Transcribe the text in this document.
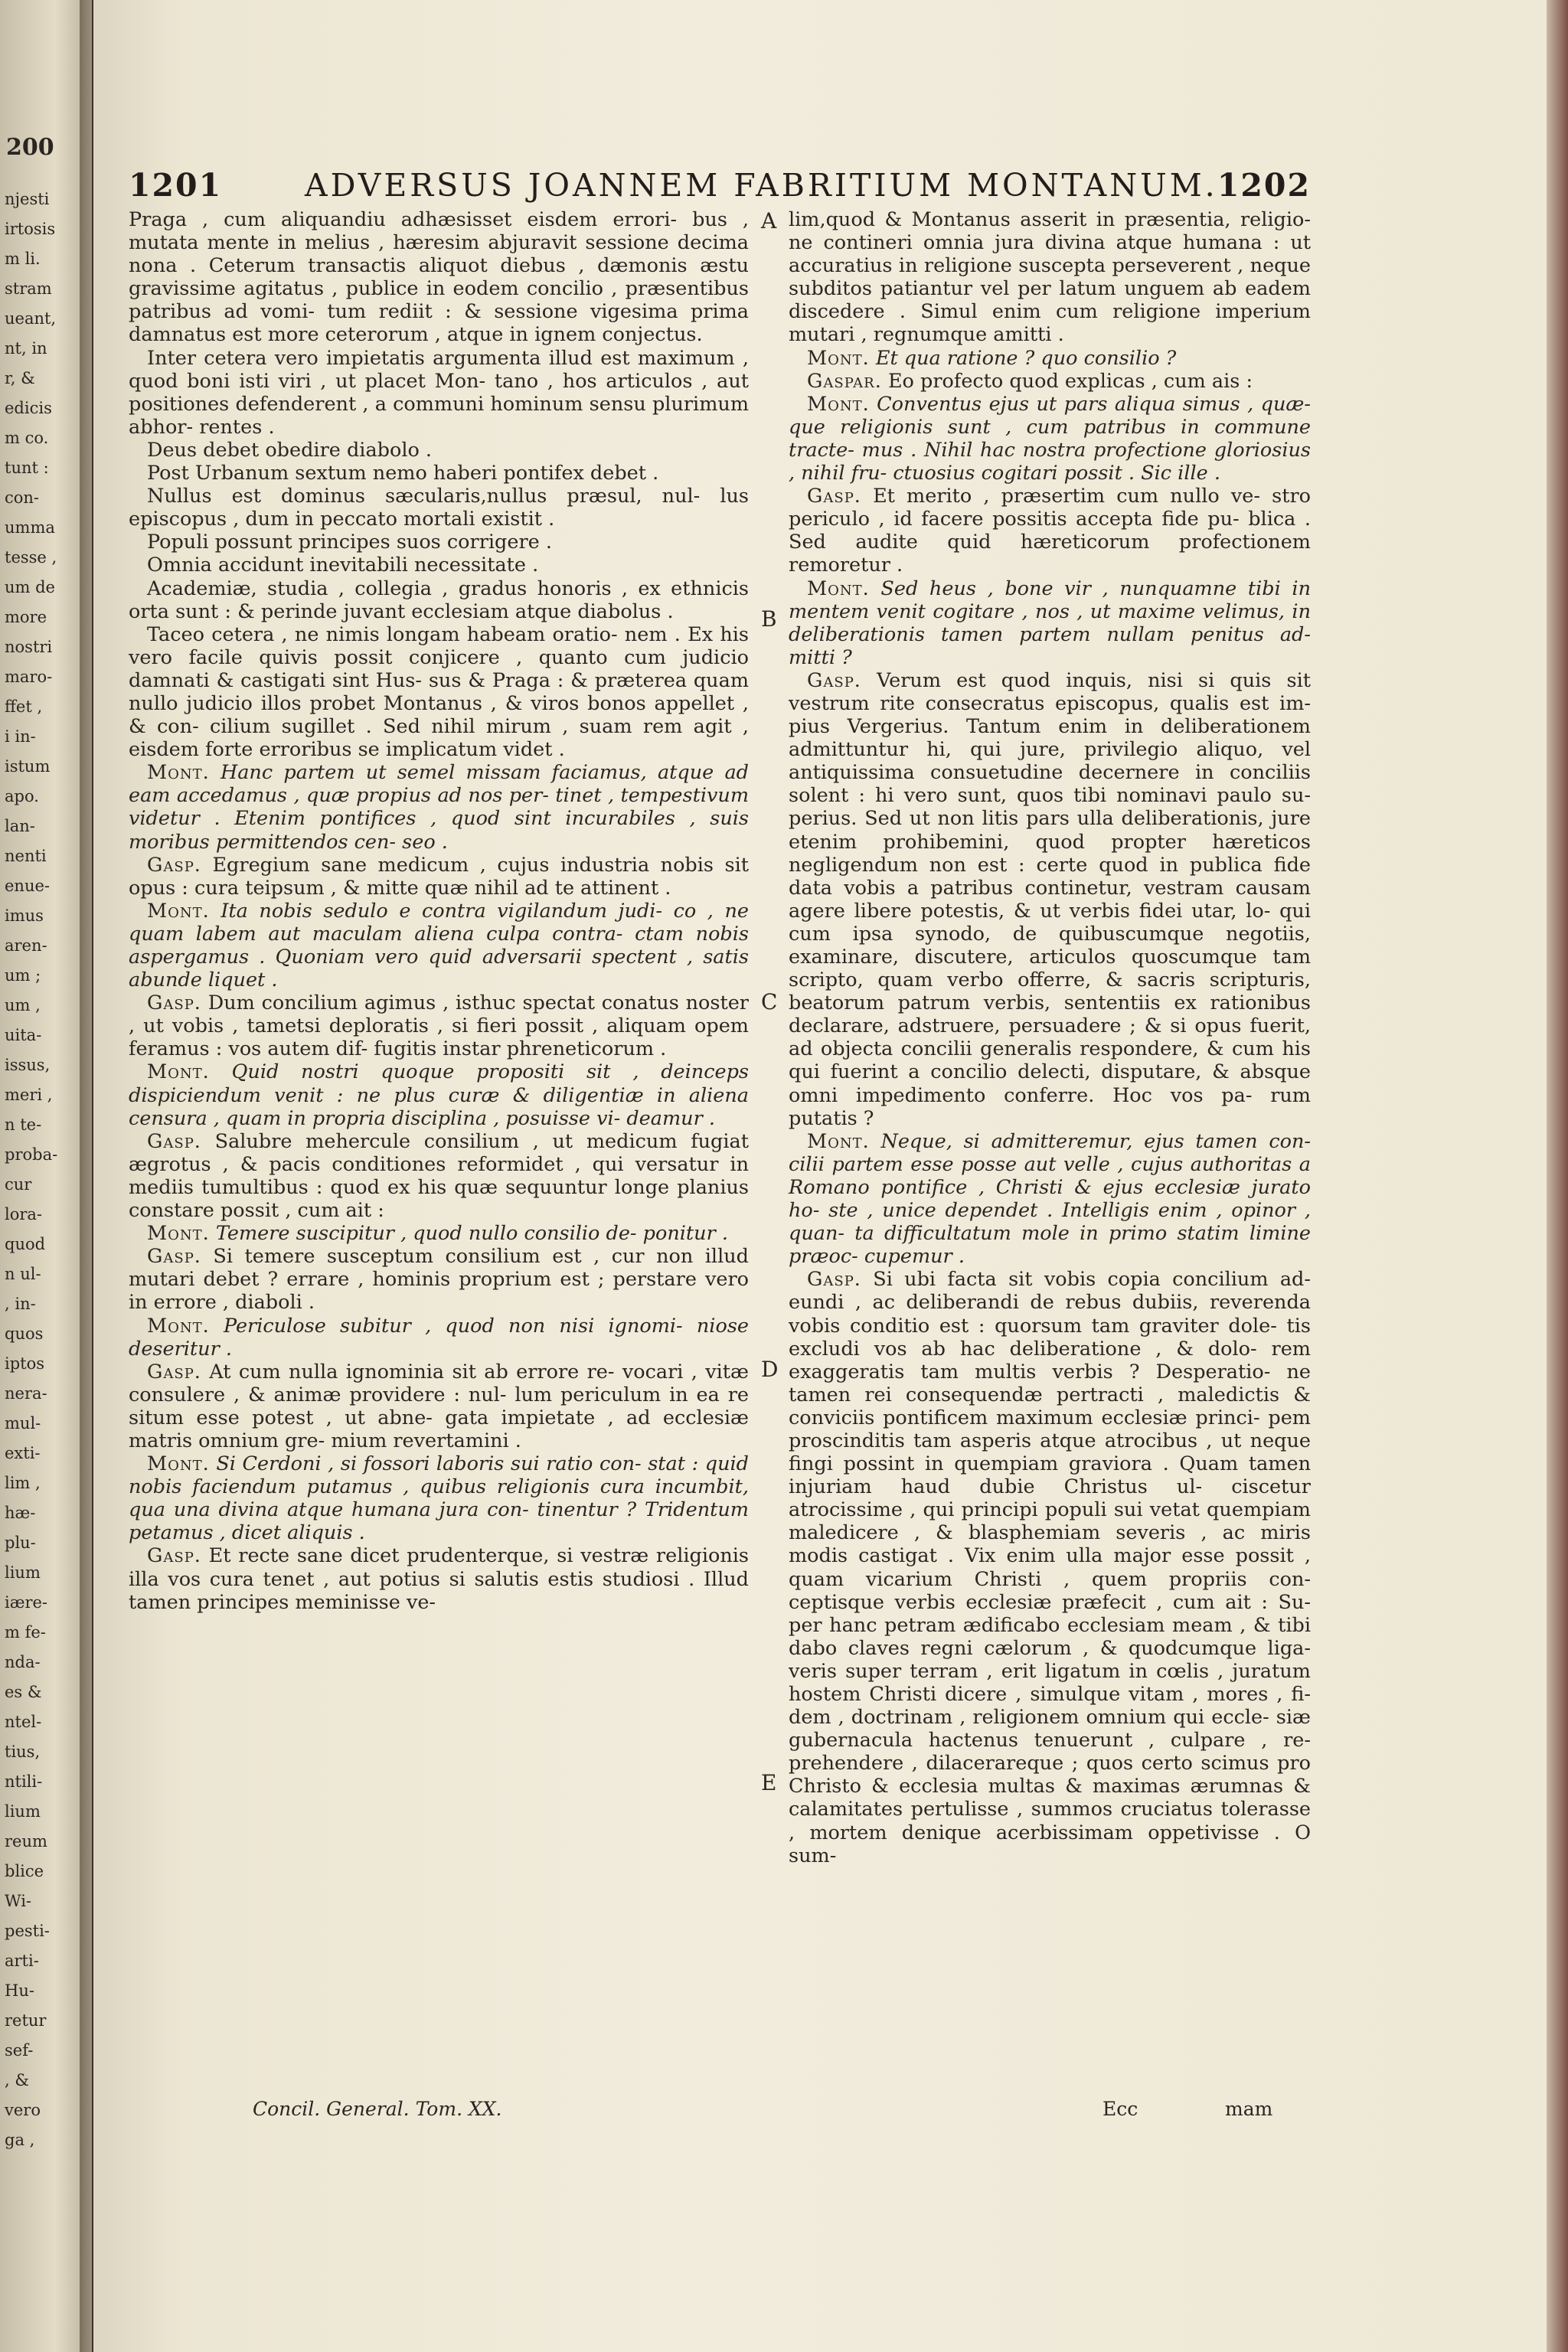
200
njesti
irtosis
m li.
stram
ueant,
nt, in
r, &
edicis
m co.
tunt :
con-
umma
tesse ,
um de
more
nostri
maro-
ffet ,
i in-
istum
apo.
lan-
nenti
enue-
imus
aren-
um ;
um ,
uita-
issus,
meri ,
n te-
proba-
cur
lora-
quod
n ul-
, in-
quos
iptos
nera-
mul-
exti-
lim ,
hæ-
plu-
lium
iære-
m fe-
nda-
es &
ntel-
tius,
ntili-
lium
reum
blice
Wi-
pesti-
arti-
Hu-
retur
sef-
, &
vero
ga ,
1201	ADVERSUS JOANNEM FABRITIUM MONTANUM. 1202

Praga , cum aliquandiu adhæsisset eisdem errori- bus , mutata mente in melius , hæresim abjuravit sessione decima nona . Ceterum transactis aliquot diebus , dæmonis æstu gravissime agitatus , publice in eodem concilio , præsentibus patribus ad vomi- tum rediit : & sessione vigesima prima damnatus est more ceterorum , atque in ignem conjectus.

Inter cetera vero impietatis argumenta illud est maximum , quod boni isti viri , ut placet Mon- tano , hos articulos , aut positiones defenderent , a communi hominum sensu plurimum abhor- rentes .

Deus debet obedire diabolo .

Post Urbanum sextum nemo haberi pontifex debet .

Nullus est dominus sæcularis,nullus præsul, nul- lus episcopus , dum in peccato mortali existit .

Populi possunt principes suos corrigere .

Omnia accidunt inevitabili necessitate .

Academiæ, studia , collegia , gradus honoris , ex ethnicis orta sunt : & perinde juvant ecclesiam atque diabolus .

Taceo cetera , ne nimis longam habeam oratio- nem . Ex his vero facile quivis possit conjicere , quanto cum judicio damnati & castigati sint Hus- sus & Praga : & præterea quam nullo judicio illos probet Montanus , & viros bonos appellet , & con- cilium sugillet . Sed nihil mirum , suam rem agit , eisdem forte erroribus se implicatum videt .

Mont. Hanc partem ut semel missam faciamus, atque ad eam accedamus , quæ propius ad nos per- tinet , tempestivum videtur . Etenim pontifices , quod sint incurabiles , suis moribus permittendos cen- seo .

Gasp. Egregium sane medicum , cujus industria nobis sit opus : cura teipsum , & mitte quæ nihil ad te attinent .

Mont. Ita nobis sedulo e contra vigilandum judi- co , ne quam labem aut maculam aliena culpa contra- ctam nobis aspergamus . Quoniam vero quid adversarii spectent , satis abunde liquet .

Gasp. Dum concilium agimus , isthuc spectat conatus noster , ut vobis , tametsi deploratis , si fieri possit , aliquam opem feramus : vos autem dif- fugitis instar phreneticorum .

Mont. Quid nostri quoque propositi sit , deinceps dispiciendum venit : ne plus curæ & diligentiæ in aliena censura , quam in propria disciplina , posuisse vi- deamur .

Gasp. Salubre mehercule consilium , ut medicum fugiat ægrotus , & pacis conditiones reformidet , qui versatur in mediis tumultibus : quod ex his quæ sequuntur longe planius constare possit , cum ait :

Mont. Temere suscipitur , quod nullo consilio de- ponitur .

Gasp. Si temere susceptum consilium est , cur non illud mutari debet ? errare , hominis proprium est ; perstare vero in errore , diaboli .

Mont. Periculose subitur , quod non nisi ignomi- niose deseritur .

Gasp. At cum nulla ignominia sit ab errore re- vocari , vitæ consulere , & animæ providere : nul- lum periculum in ea re situm esse potest , ut abne- gata impietate , ad ecclesiæ matris omnium gre- mium revertamini .

Mont. Si Cerdoni , si fossori laboris sui ratio con- stat : quid nobis faciendum putamus , quibus religionis cura incumbit, qua una divina atque humana jura con- tinentur ? Tridentum petamus , dicet aliquis .

Gasp. Et recte sane dicet prudenterque, si vestræ religionis illa vos cura tenet , aut potius si salutis estis studiosi . Illud tamen principes meminisse ve-

A
B
C
D
E

lim,quod & Montanus asserit in præsentia, religio- ne contineri omnia jura divina atque humana : ut accuratius in religione suscepta perseverent , neque subditos patiantur vel per latum unguem ab eadem discedere . Simul enim cum religione imperium mutari , regnumque amitti .

Mont. Et qua ratione ? quo consilio ?

Gaspar. Eo profecto quod explicas , cum ais :

Mont. Conventus ejus ut pars aliqua simus , quæ- que religionis sunt , cum patribus in commune tracte- mus . Nihil hac nostra profectione gloriosius , nihil fru- ctuosius cogitari possit . Sic ille .

Gasp. Et merito , præsertim cum nullo ve- stro periculo , id facere possitis accepta fide pu- blica . Sed audite quid hæreticorum profectionem remoretur .

Mont. Sed heus , bone vir , nunquamne tibi in mentem venit cogitare , nos , ut maxime velimus, in deliberationis tamen partem nullam penitus ad- mitti ?

Gasp. Verum est quod inquis, nisi si quis sit vestrum rite consecratus episcopus, qualis est im- pius Vergerius. Tantum enim in deliberationem admittuntur hi, qui jure, privilegio aliquo, vel antiquissima consuetudine decernere in conciliis solent : hi vero sunt, quos tibi nominavi paulo su- perius. Sed ut non litis pars ulla deliberationis, jure etenim prohibemini, quod propter hæreticos negligendum non est : certe quod in publica fide data vobis a patribus continetur, vestram causam agere libere potestis, & ut verbis fidei utar, lo- qui cum ipsa synodo, de quibuscumque negotiis, examinare, discutere, articulos quoscumque tam scripto, quam verbo offerre, & sacris scripturis, beatorum patrum verbis, sententiis ex rationibus declarare, adstruere, persuadere ; & si opus fuerit, ad objecta concilii generalis respondere, & cum his qui fuerint a concilio delecti, disputare, & absque omni impedimento conferre. Hoc vos pa- rum putatis ?

Mont. Neque, si admitteremur, ejus tamen con- cilii partem esse posse aut velle , cujus authoritas a Romano pontifice , Christi & ejus ecclesiæ jurato ho- ste , unice dependet . Intelligis enim , opinor , quan- ta difficultatum mole in primo statim limine præoc- cupemur .

Gasp. Si ubi facta sit vobis copia concilium ad- eundi , ac deliberandi de rebus dubiis, reverenda vobis conditio est : quorsum tam graviter dole- tis excludi vos ab hac deliberatione , & dolo- rem exaggeratis tam multis verbis ? Desperatio- ne tamen rei consequendæ pertracti , maledictis & conviciis pontificem maximum ecclesiæ princi- pem proscinditis tam asperis atque atrocibus , ut neque fingi possint in quempiam graviora . Quam tamen injuriam haud dubie Christus ul- ciscetur atrocissime , qui principi populi sui vetat quempiam maledicere , & blasphemiam severis , ac miris modis castigat . Vix enim ulla major esse possit , quam vicarium Christi , quem propriis con- ceptisque verbis ecclesiæ præfecit , cum ait : Su- per hanc petram ædificabo ecclesiam meam , & tibi dabo claves regni cælorum , & quodcumque liga- veris super terram , erit ligatum in cœlis , juratum hostem Christi dicere , simulque vitam , mores , fi- dem , doctrinam , religionem omnium qui eccle- siæ gubernacula hactenus tenuerunt , culpare , re- prehendere , dilacerareque ; quos certo scimus pro Christo & ecclesia multas & maximas ærumnas & calamitates pertulisse , summos cruciatus tolerasse , mortem denique acerbissimam oppetivisse . O sum-

Concil. General. Tom. XX.	Ecc	mam
